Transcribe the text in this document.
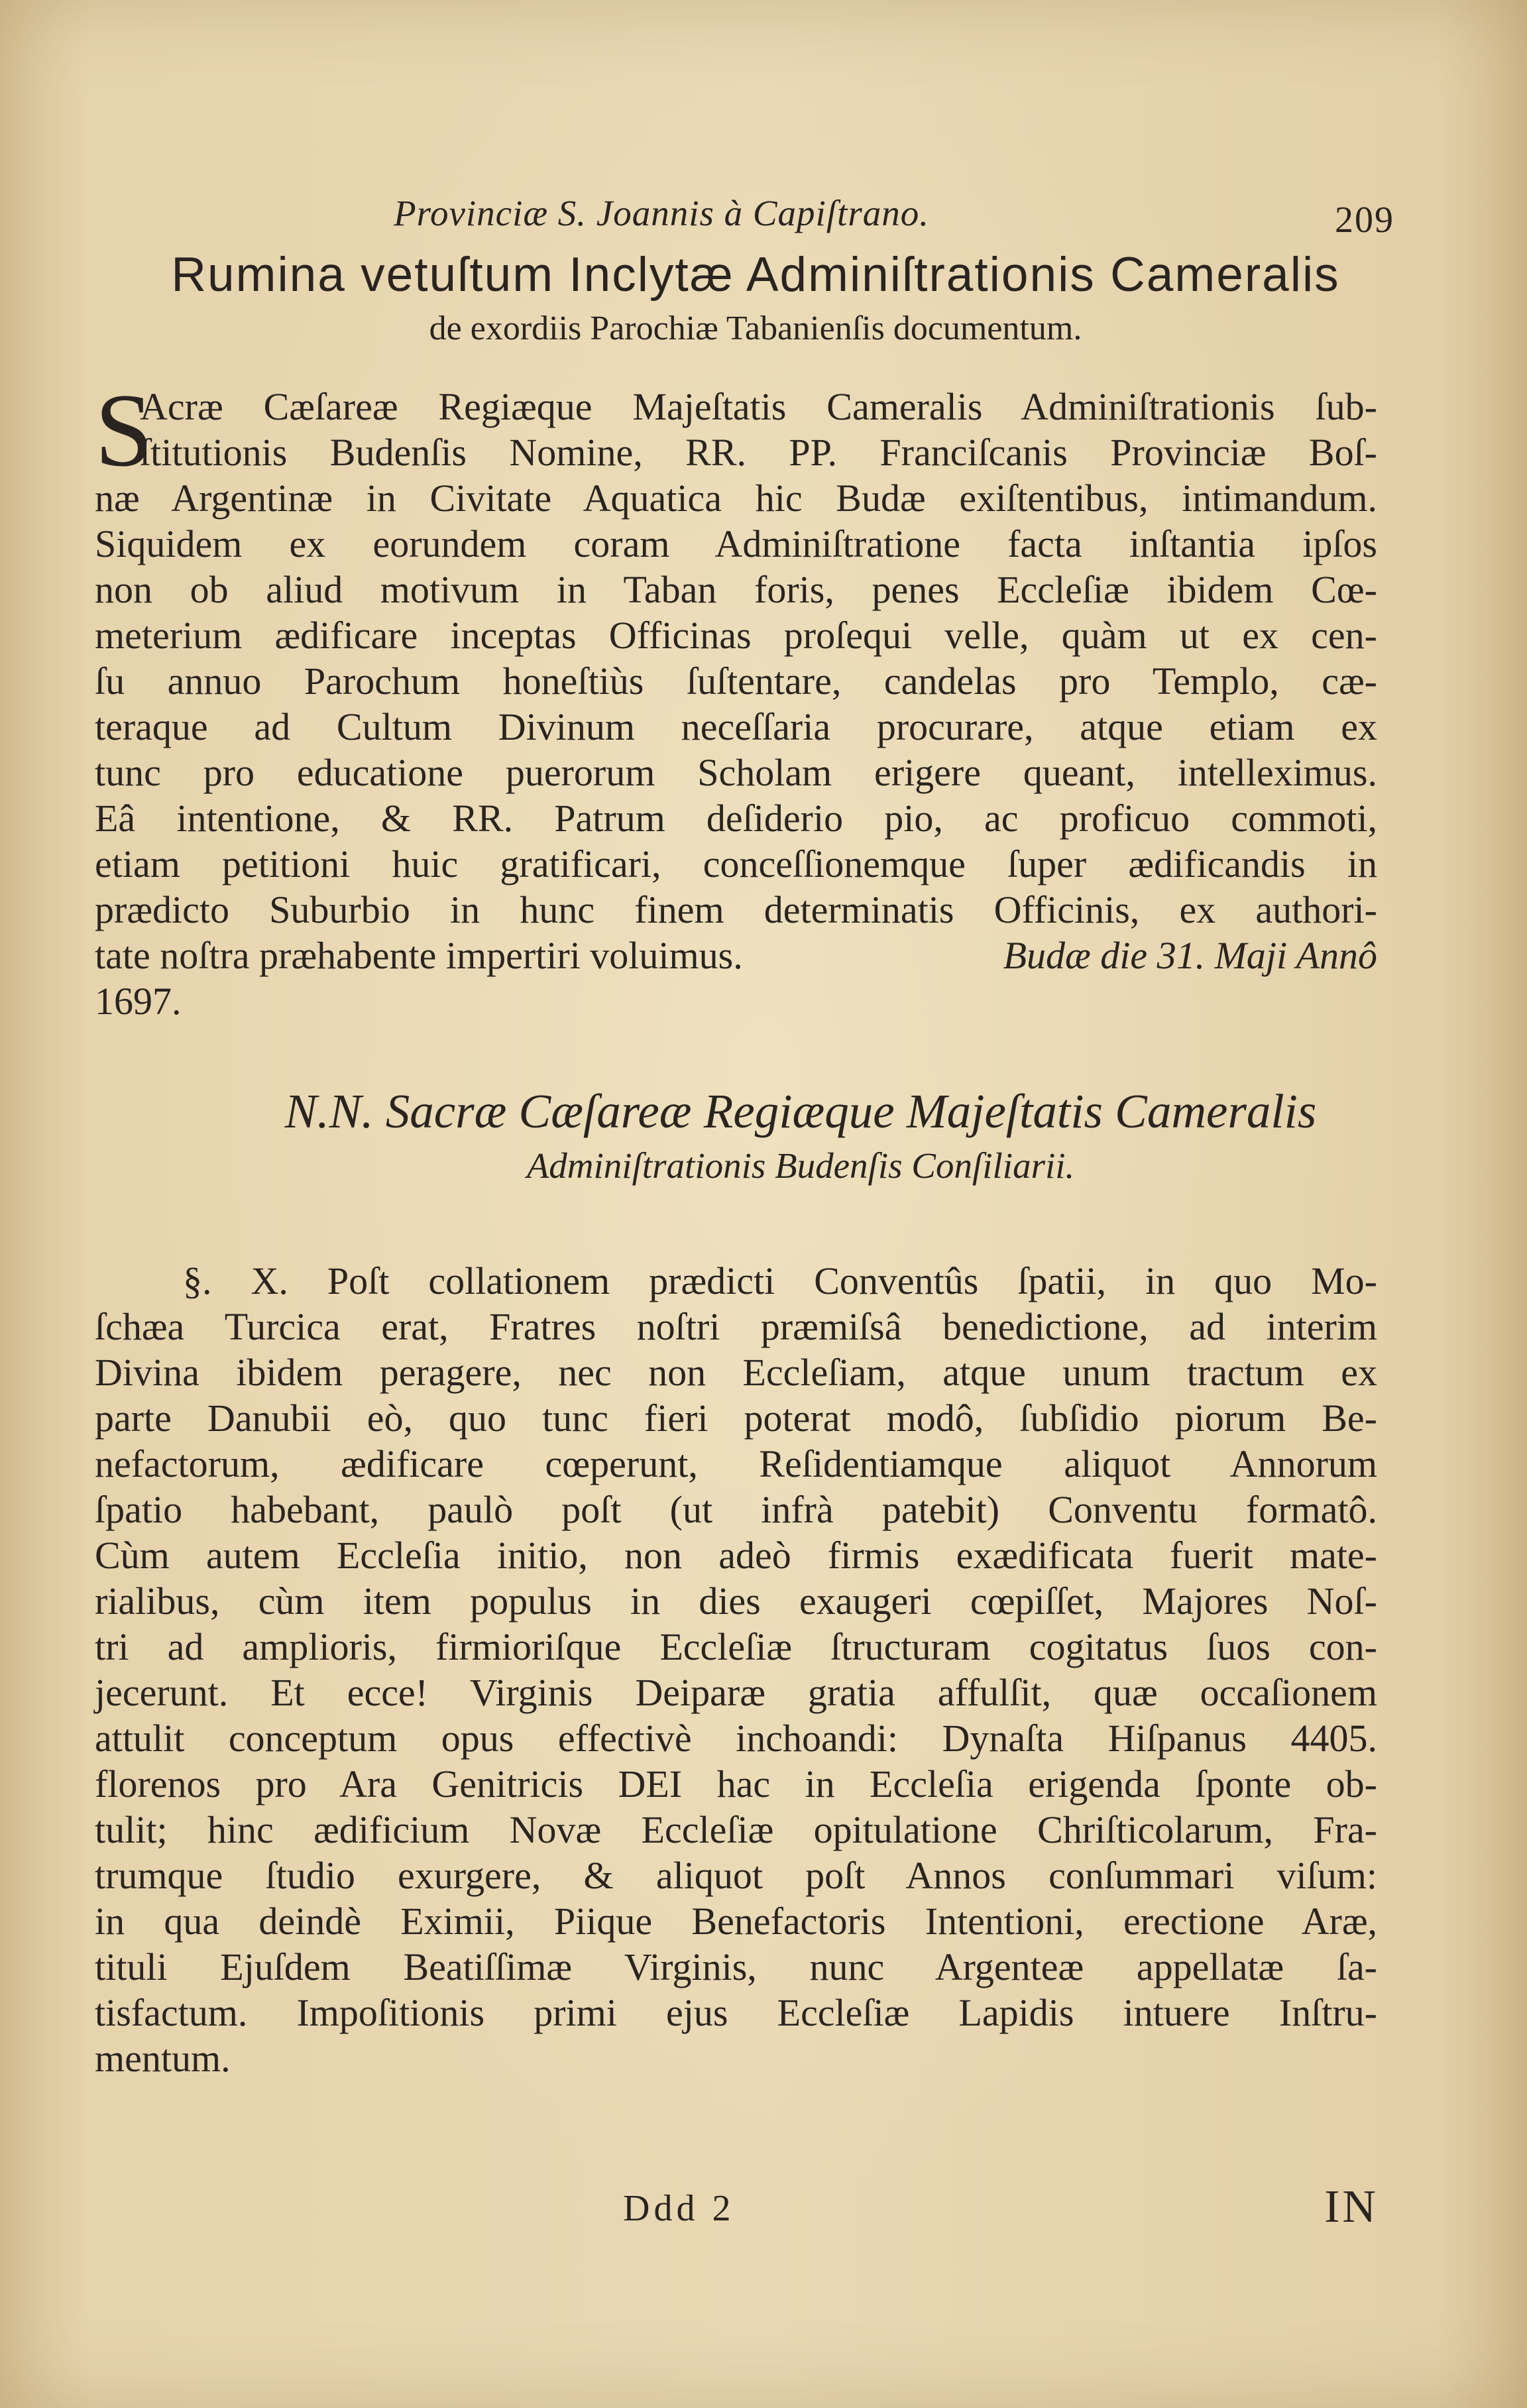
Provinciæ S. Joannis à Capiſtrano.	209
Rumina vetuſtum Inclytæ Adminiſtrationis Cameralis
de exordiis Parochiæ Tabanienſis documentum.
S
Acræ Cæſareæ Regiæque Majeſtatis Cameralis Adminiſtrationis ſub-
ſtitutionis Budenſis Nomine, RR. PP. Franciſcanis Provinciæ Boſ-
næ Argentinæ in Civitate Aquatica hic Budæ exiſtentibus, intimandum.
Siquidem ex eorundem coram Adminiſtratione facta inſtantia ipſos
non ob aliud motivum in Taban foris, penes Eccleſiæ ibidem Cœ-
meterium ædificare inceptas Officinas proſequi velle, quàm ut ex cen-
ſu annuo Parochum honeſtiùs ſuſtentare, candelas pro Templo, cæ-
teraque ad Cultum Divinum neceſſaria procurare, atque etiam ex
tunc pro educatione puerorum Scholam erigere queant, intelleximus.
Eâ intentione, & RR. Patrum deſiderio pio, ac proficuo commoti,
etiam petitioni huic gratificari, conceſſionemque ſuper ædificandis in
prædicto Suburbio in hunc finem determinatis Officinis, ex authori-
tate noſtra præhabente impertiri voluimus.	Budæ die 31. Maji Annô
1697.
N.N. Sacræ Cæſareæ Regiæque Majeſtatis Cameralis
Adminiſtrationis Budenſis Conſiliarii.
§. X. Poſt collationem prædicti Conventûs ſpatii, in quo Mo-
ſchæa Turcica erat, Fratres noſtri præmiſsâ benedictione, ad interim
Divina ibidem peragere, nec non Eccleſiam, atque unum tractum ex
parte Danubii eò, quo tunc fieri poterat modô, ſubſidio piorum Be-
nefactorum, ædificare cœperunt, Reſidentiamque aliquot Annorum
ſpatio habebant, paulò poſt (ut infrà patebit) Conventu formatô.
Cùm autem Eccleſia initio, non adeò firmis exædificata fuerit mate-
rialibus, cùm item populus in dies exaugeri cœpiſſet, Majores Noſ-
tri ad amplioris, firmioriſque Eccleſiæ ſtructuram cogitatus ſuos con-
jecerunt. Et ecce! Virginis Deiparæ gratia affulſit, quæ occaſionem
attulit conceptum opus effectivè inchoandi: Dynaſta Hiſpanus 4405.
florenos pro Ara Genitricis DEI hac in Eccleſia erigenda ſponte ob-
tulit; hinc ædificium Novæ Eccleſiæ opitulatione Chriſticolarum, Fra-
trumque ſtudio exurgere, & aliquot poſt Annos conſummari viſum:
in qua deindè Eximii, Piique Benefactoris Intentioni, erectione Aræ,
tituli Ejuſdem Beatiſſimæ Virginis, nunc Argenteæ appellatæ ſa-
tisfactum. Impoſitionis primi ejus Eccleſiæ Lapidis intuere Inſtru-
mentum.
Ddd 2	IN
